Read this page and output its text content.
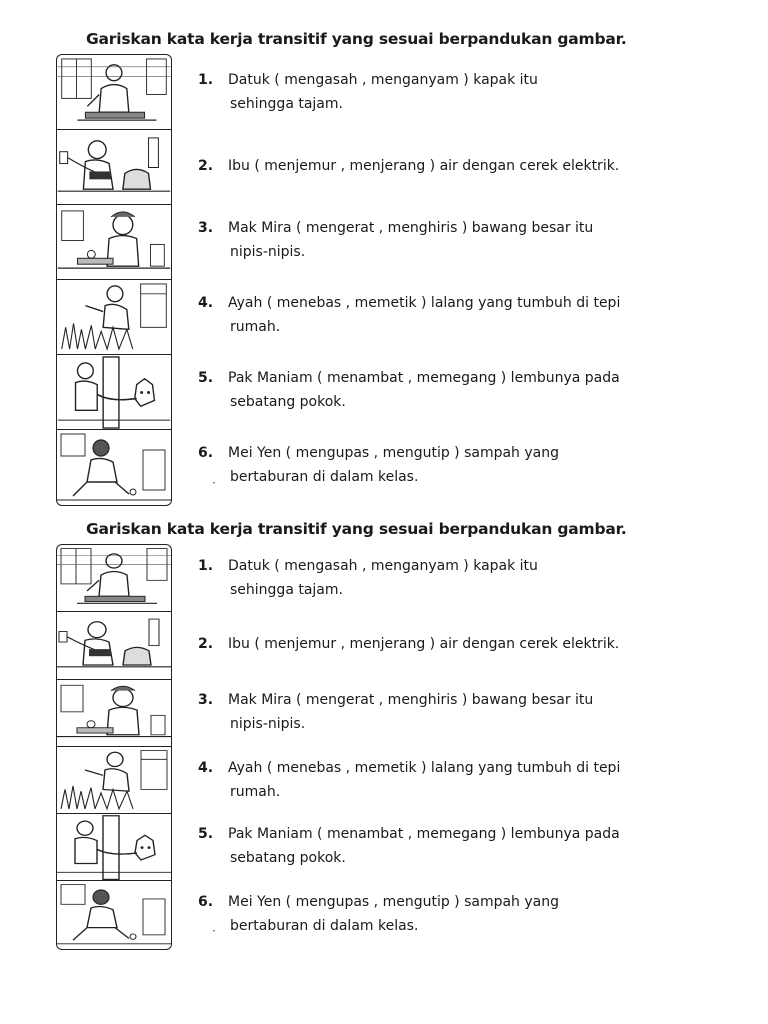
Gariskan kata kerja transitif yang sesuai berpandukan gambar.
1. Datuk ( mengasah , menganyam ) kapak itu
sehingga tajam.
2. Ibu ( menjemur , menjerang ) air dengan cerek elektrik.
3. Mak Mira ( mengerat , menghiris ) bawang besar itu
nipis-nipis.
4. Ayah ( menebas , memetik ) lalang yang tumbuh di tepi
rumah.
5. Pak Maniam ( menambat , memegang ) lembunya pada
sebatang pokok.
6. Mei Yen ( mengupas , mengutip ) sampah yang
bertaburan di dalam kelas.
·
Gariskan kata kerja transitif yang sesuai berpandukan gambar.
1. Datuk ( mengasah , menganyam ) kapak itu
sehingga tajam.
2. Ibu ( menjemur , menjerang ) air dengan cerek elektrik.
3. Mak Mira ( mengerat , menghiris ) bawang besar itu
nipis-nipis.
4. Ayah ( menebas , memetik ) lalang yang tumbuh di tepi
rumah.
5. Pak Maniam ( menambat , memegang ) lembunya pada
sebatang pokok.
6. Mei Yen ( mengupas , mengutip ) sampah yang
bertaburan di dalam kelas.
·
